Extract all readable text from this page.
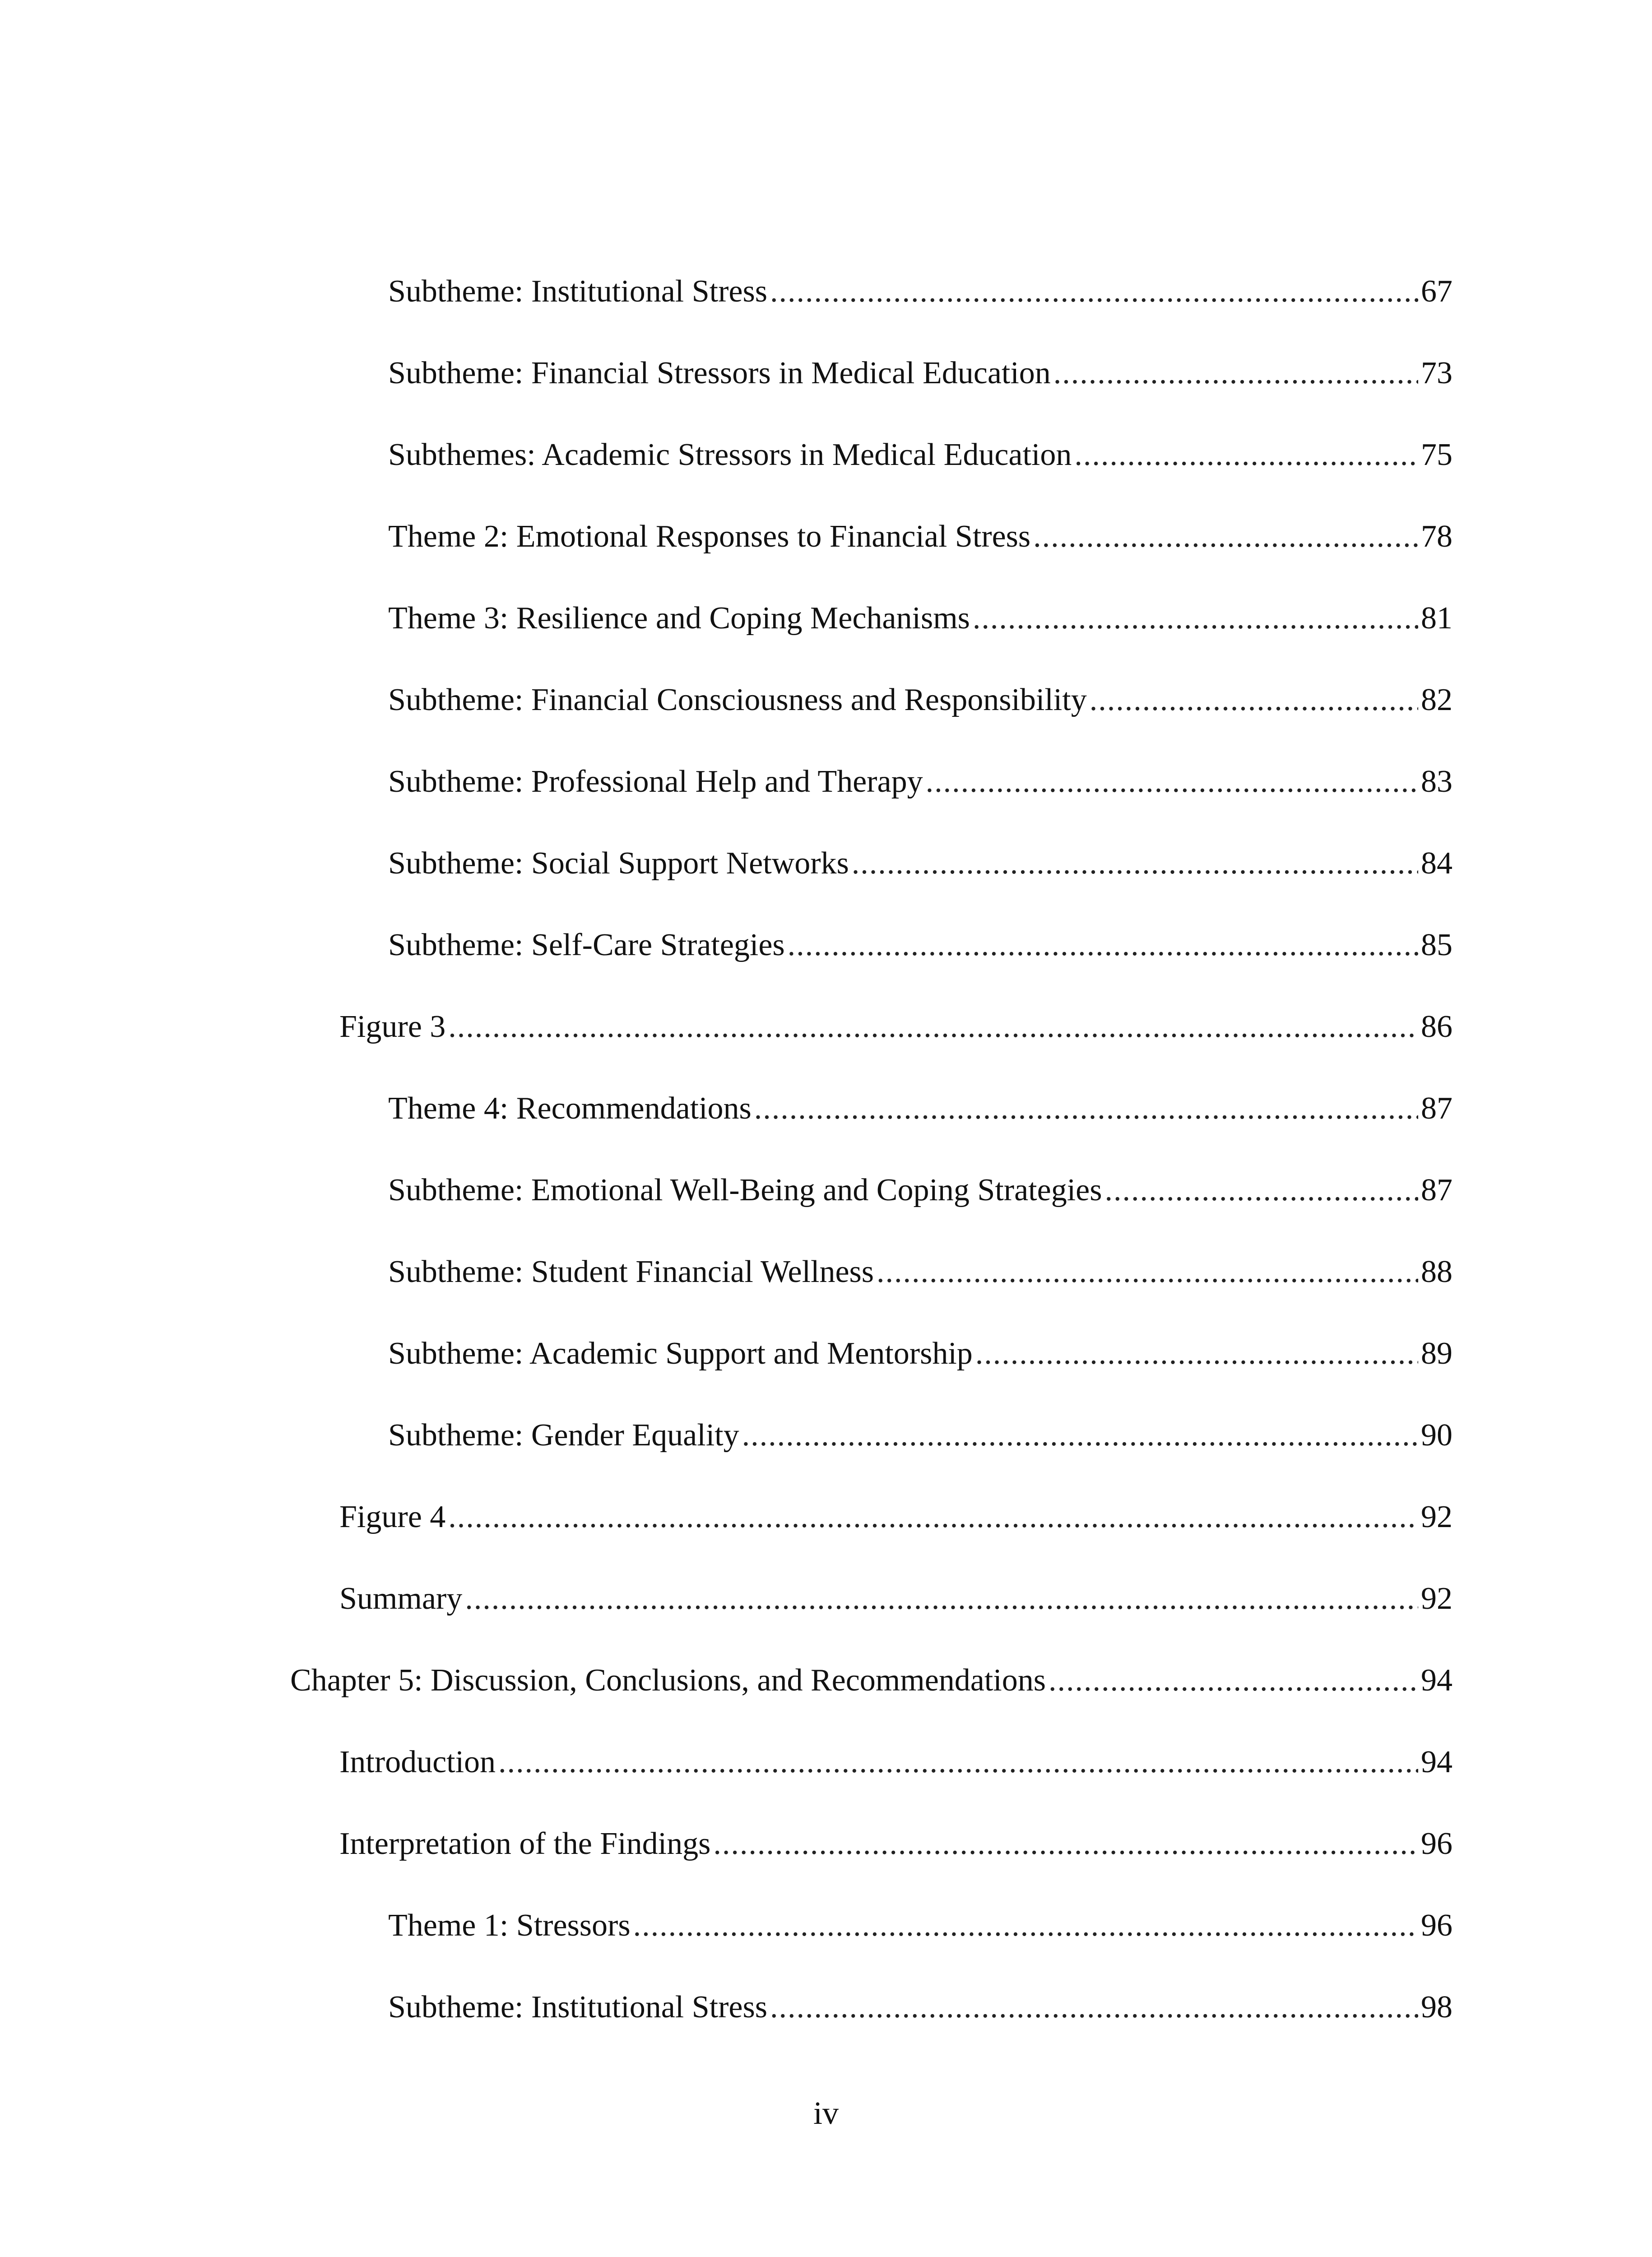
Subtheme: Institutional Stress .....	67
Subtheme: Financial Stressors in Medical Education .....	73
Subthemes: Academic Stressors in Medical Education .....	75
Theme 2: Emotional Responses to Financial Stress .....	78
Theme 3: Resilience and Coping Mechanisms .....	81
Subtheme: Financial Consciousness and Responsibility .....	82
Subtheme: Professional Help and Therapy .....	83
Subtheme: Social Support Networks .....	84
Subtheme: Self-Care Strategies .....	85
Figure 3 .....	86
Theme 4: Recommendations .....	87
Subtheme: Emotional Well-Being and Coping Strategies .....	87
Subtheme: Student Financial Wellness .....	88
Subtheme: Academic Support and Mentorship .....	89
Subtheme: Gender Equality .....	90
Figure 4 .....	92
Summary .....	92
Chapter 5: Discussion, Conclusions, and Recommendations .....	94
Introduction .....	94
Interpretation of the Findings .....	96
Theme 1: Stressors .....	96
Subtheme: Institutional Stress .....	98
iv
